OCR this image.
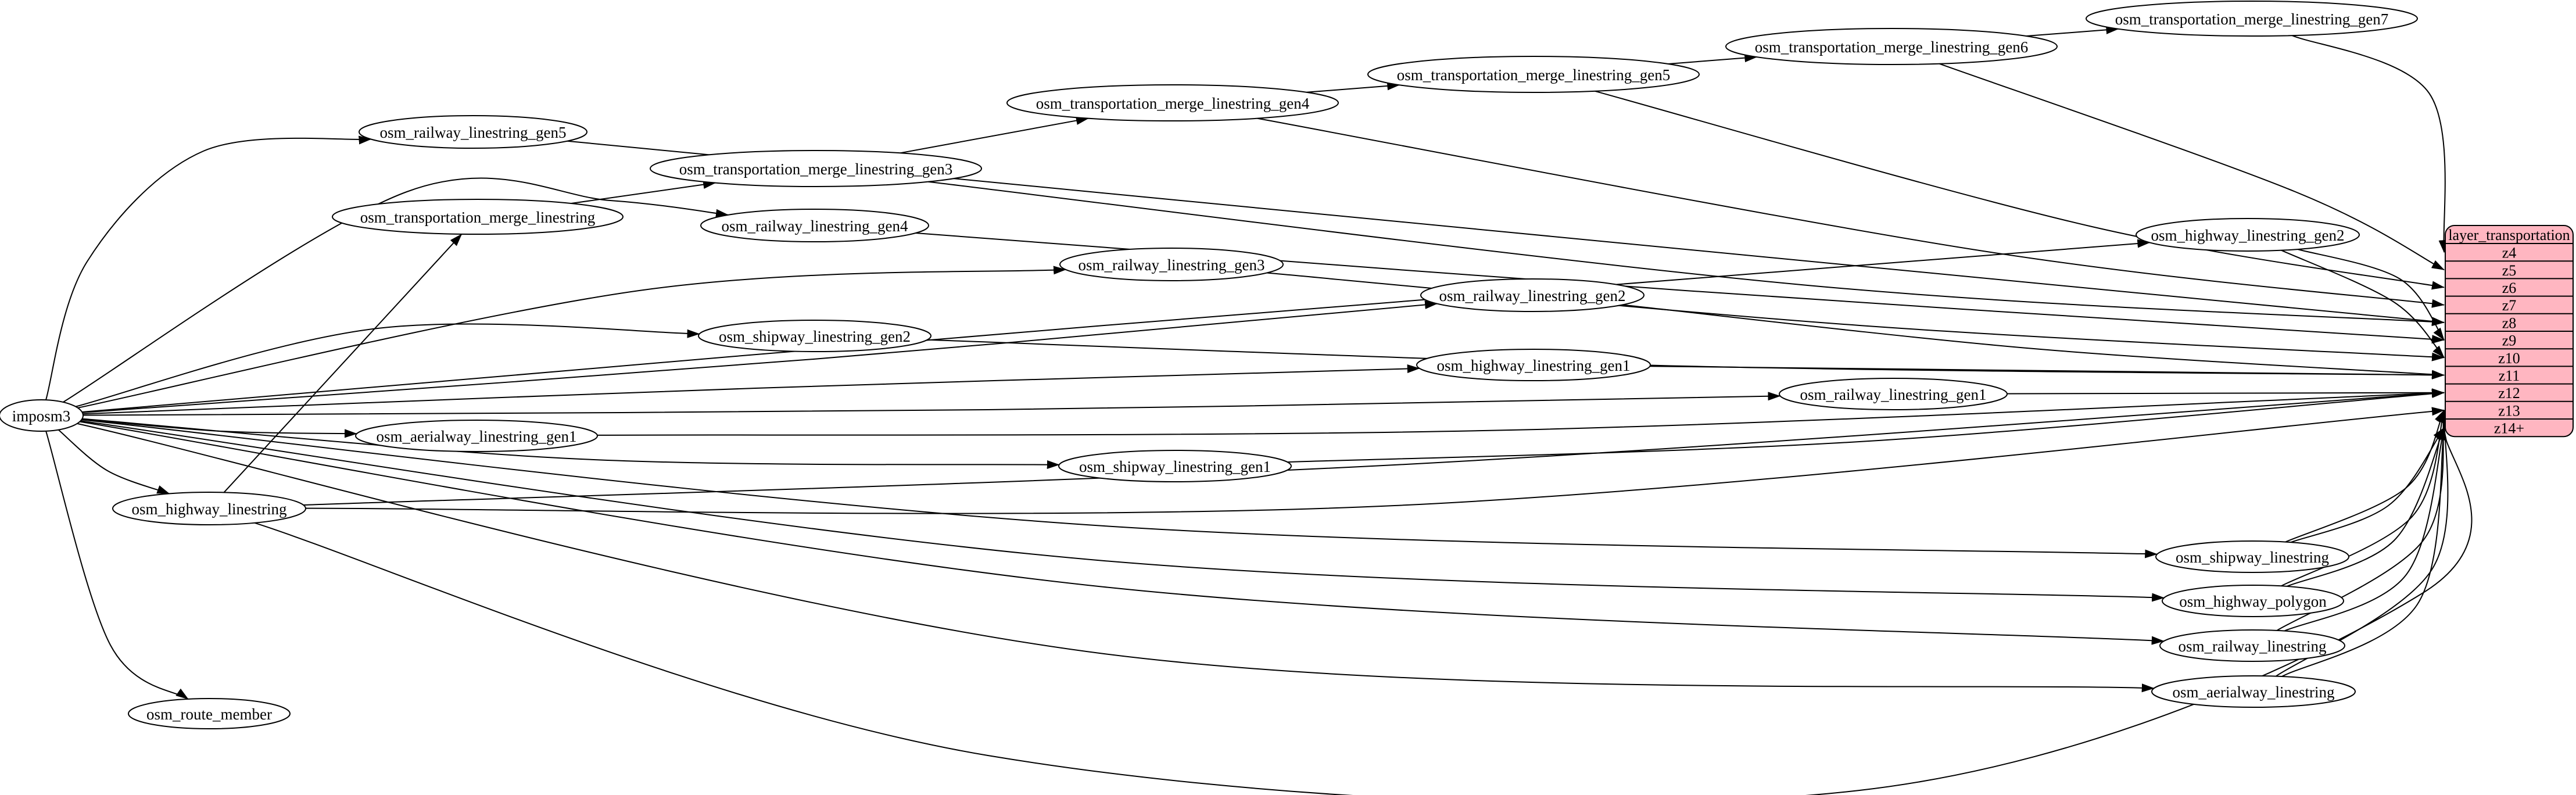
imposm3
osm_railway_linestring_gen5
osm_transportation_merge_linestring
osm_transportation_merge_linestring_gen3
osm_railway_linestring_gen4
osm_transportation_merge_linestring_gen4
osm_transportation_merge_linestring_gen5
osm_transportation_merge_linestring_gen6
osm_transportation_merge_linestring_gen7
osm_highway_linestring_gen2
osm_railway_linestring_gen3
osm_railway_linestring_gen2
osm_shipway_linestring_gen2
osm_highway_linestring_gen1
osm_railway_linestring_gen1
osm_aerialway_linestring_gen1
osm_shipway_linestring_gen1
osm_highway_linestring
osm_shipway_linestring
osm_highway_polygon
osm_railway_linestring
osm_aerialway_linestring
osm_route_member
layer_transportation
z4
z5
z6
z7
z8
z9
z10
z11
z12
z13
z14+
